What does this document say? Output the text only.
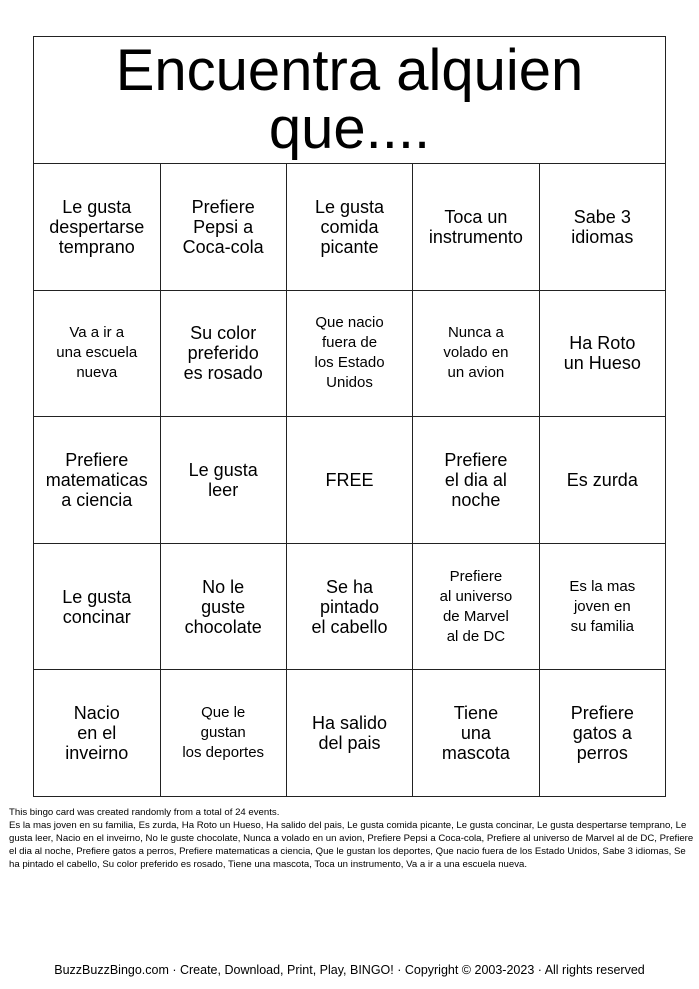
Encuentra alquien que....				
Le gusta
despertarse
temprano	Prefiere
Pepsi a
Coca-cola	Le gusta
comida
picante	Toca un
instrumento	Sabe 3
idiomas
Va a ir a
una escuela
nueva	Su color
preferido
es rosado	Que nacio
fuera de
los Estado
Unidos	Nunca a
volado en
un avion	Ha Roto
un Hueso
Prefiere
matematicas
a ciencia	Le gusta
leer	FREE	Prefiere
el dia al
noche	Es zurda
Le gusta
concinar	No le
guste
chocolate	Se ha
pintado
el cabello	Prefiere
al universo
de Marvel
al de DC	Es la mas
joven en
su familia
Nacio
en el
inveirno	Que le
gustan
los deportes	Ha salido
del pais	Tiene
una
mascota	Prefiere
gatos a
perros
This bingo card was created randomly from a total of 24 events.
Es la mas joven en su familia, Es zurda, Ha Roto un Hueso, Ha salido del pais, Le gusta comida picante, Le gusta concinar, Le gusta despertarse temprano, Le gusta leer, Nacio en el inveirno, No le guste chocolate, Nunca a volado en un avion, Prefiere Pepsi a Coca-cola, Prefiere al universo de Marvel al de DC, Prefiere el dia al noche, Prefiere gatos a perros, Prefiere matematicas a ciencia, Que le gustan los deportes, Que nacio fuera de los Estado Unidos, Sabe 3 idiomas, Se ha pintado el cabello, Su color preferido es rosado, Tiene una mascota, Toca un instrumento, Va a ir a una escuela nueva.
BuzzBuzzBingo.com · Create, Download, Print, Play, BINGO! · Copyright © 2003-2023 · All rights reserved
